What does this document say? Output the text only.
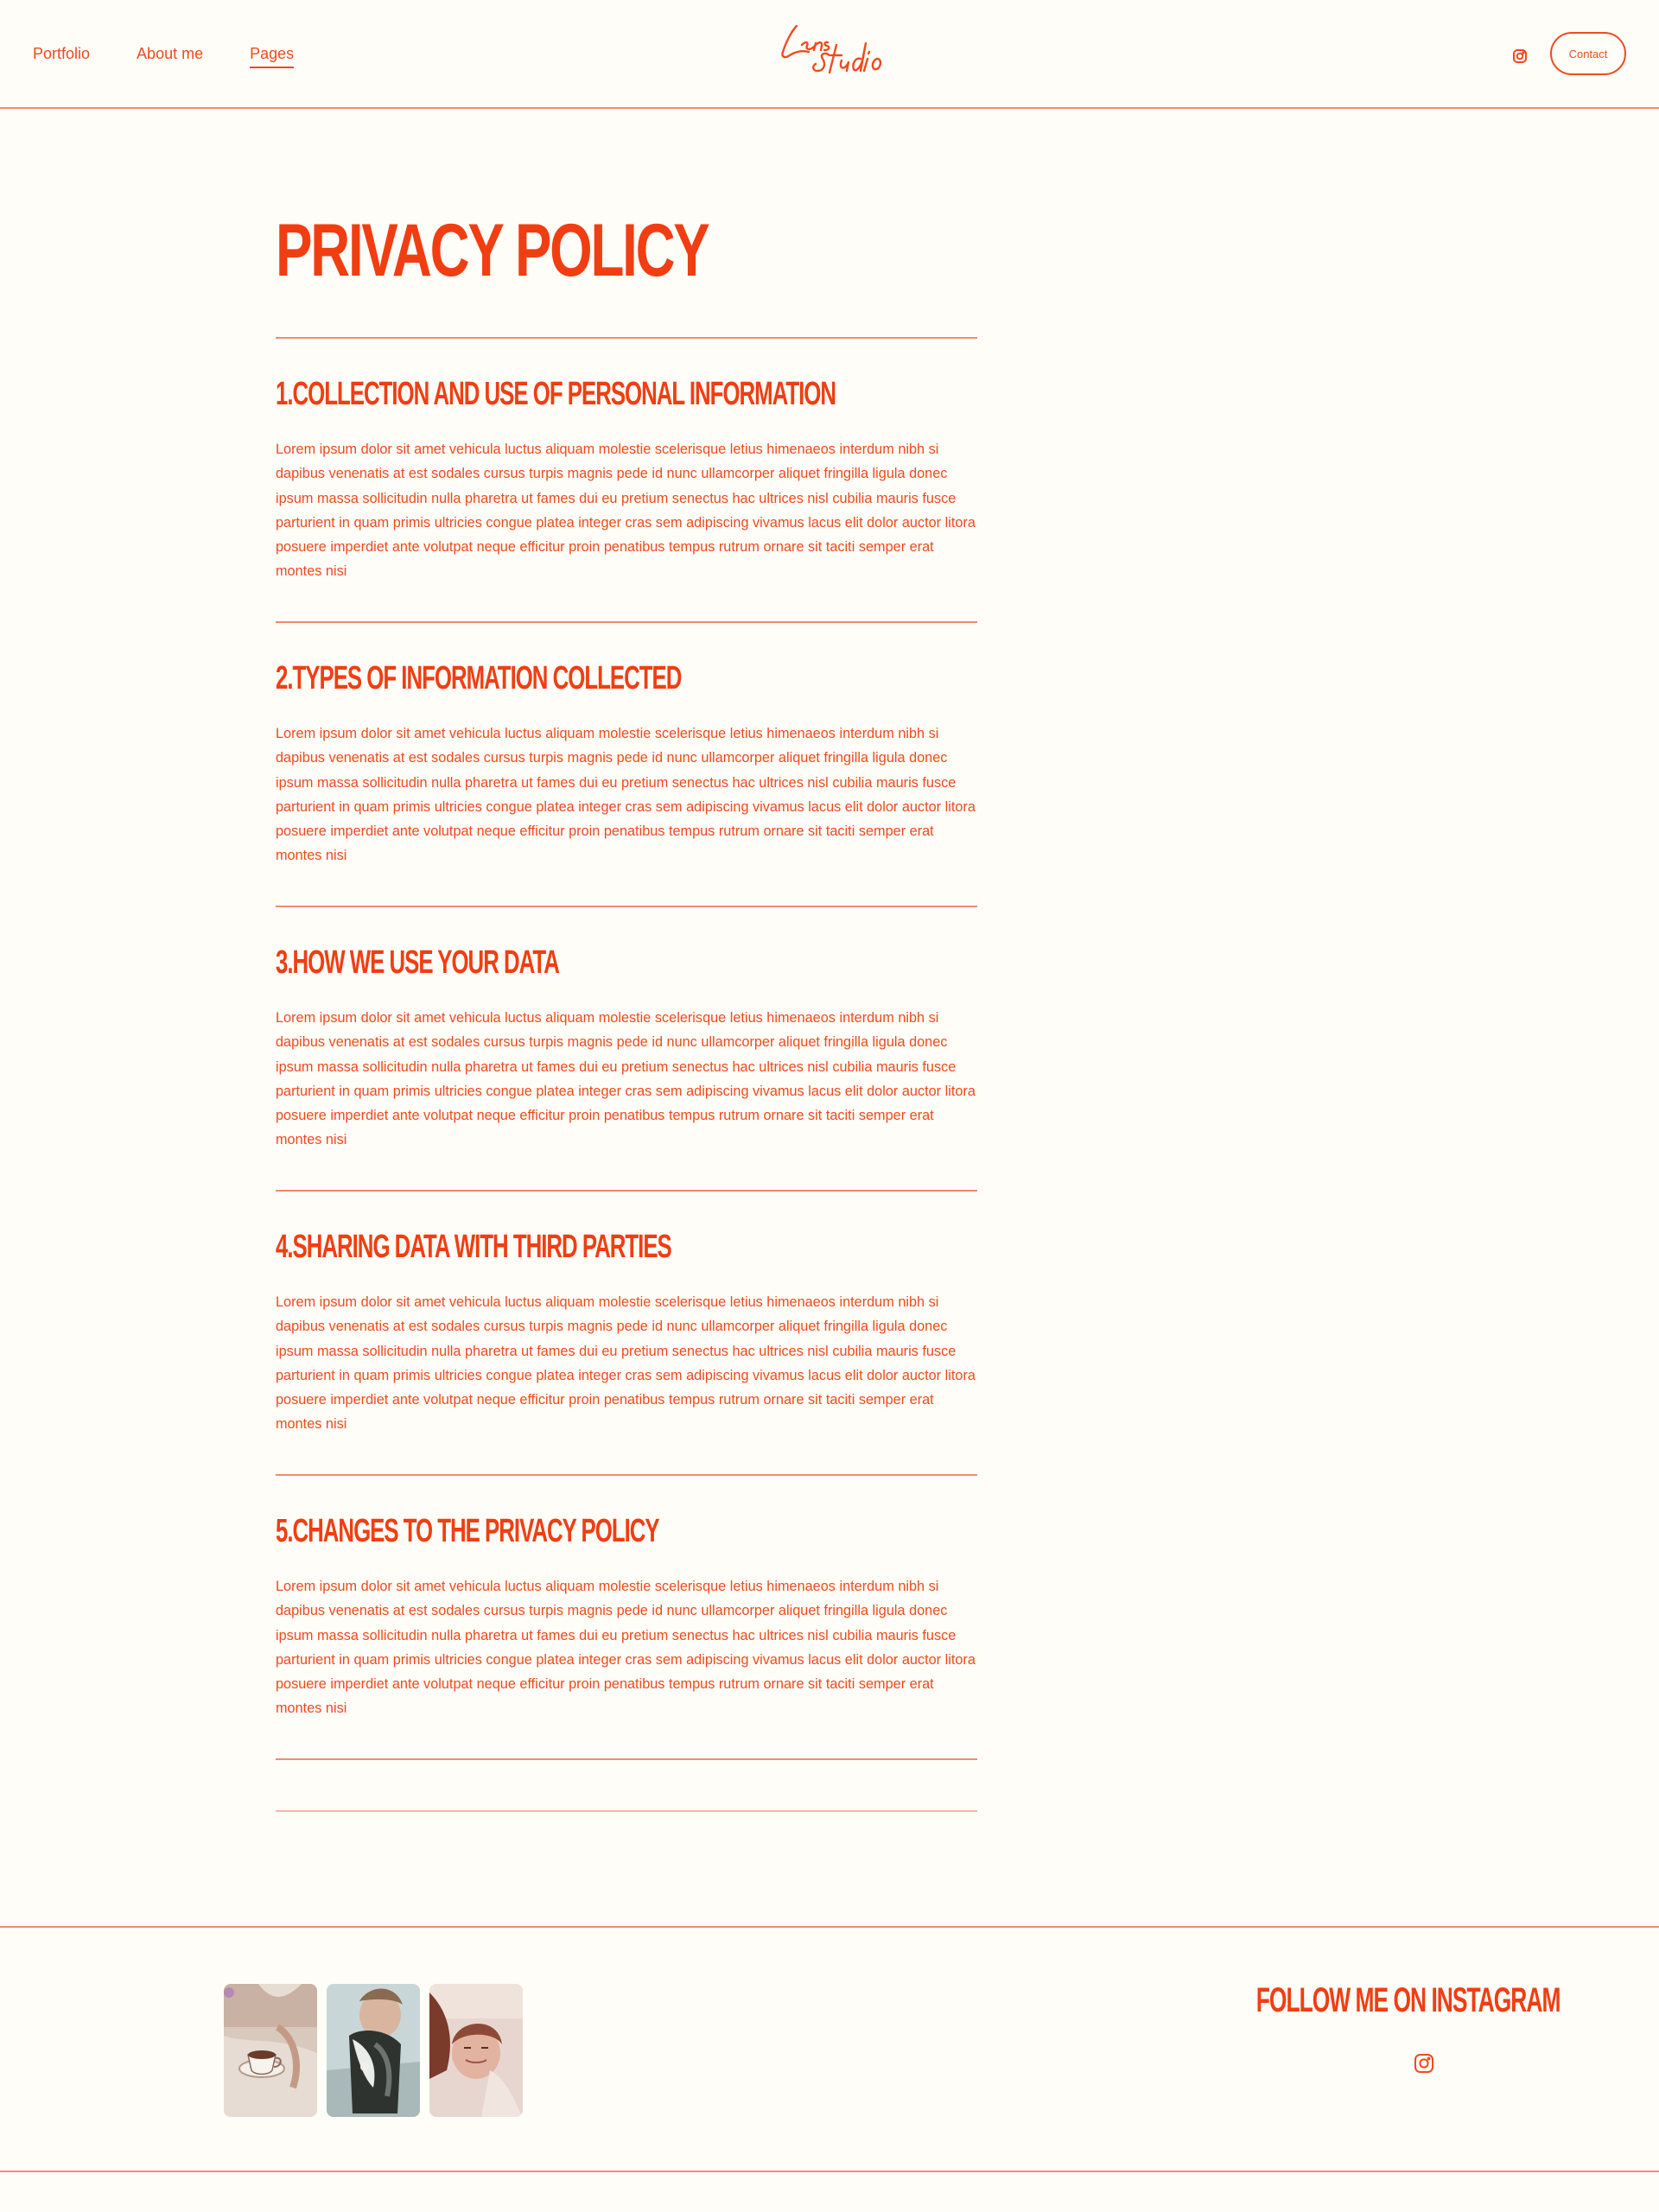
Portfolio	About me	Pages	Contact
PRIVACY POLICY
1.COLLECTION AND USE OF PERSONAL INFORMATION

Lorem ipsum dolor sit amet vehicula luctus aliquam molestie scelerisque letius himenaeos interdum nibh si dapibus venenatis at est sodales cursus turpis magnis pede id nunc ullamcorper aliquet fringilla ligula donec ipsum massa sollicitudin nulla pharetra ut fames dui eu pretium senectus hac ultrices nisl cubilia mauris fusce parturient in quam primis ultricies congue platea integer cras sem adipiscing vivamus lacus elit dolor auctor litora posuere imperdiet ante volutpat neque efficitur proin penatibus tempus rutrum ornare sit taciti semper erat montes nisi

2.TYPES OF INFORMATION COLLECTED

Lorem ipsum dolor sit amet vehicula luctus aliquam molestie scelerisque letius himenaeos interdum nibh si dapibus venenatis at est sodales cursus turpis magnis pede id nunc ullamcorper aliquet fringilla ligula donec ipsum massa sollicitudin nulla pharetra ut fames dui eu pretium senectus hac ultrices nisl cubilia mauris fusce parturient in quam primis ultricies congue platea integer cras sem adipiscing vivamus lacus elit dolor auctor litora posuere imperdiet ante volutpat neque efficitur proin penatibus tempus rutrum ornare sit taciti semper erat montes nisi

3.HOW WE USE YOUR DATA

Lorem ipsum dolor sit amet vehicula luctus aliquam molestie scelerisque letius himenaeos interdum nibh si dapibus venenatis at est sodales cursus turpis magnis pede id nunc ullamcorper aliquet fringilla ligula donec ipsum massa sollicitudin nulla pharetra ut fames dui eu pretium senectus hac ultrices nisl cubilia mauris fusce parturient in quam primis ultricies congue platea integer cras sem adipiscing vivamus lacus elit dolor auctor litora posuere imperdiet ante volutpat neque efficitur proin penatibus tempus rutrum ornare sit taciti semper erat montes nisi

4.SHARING DATA WITH THIRD PARTIES

Lorem ipsum dolor sit amet vehicula luctus aliquam molestie scelerisque letius himenaeos interdum nibh si dapibus venenatis at est sodales cursus turpis magnis pede id nunc ullamcorper aliquet fringilla ligula donec ipsum massa sollicitudin nulla pharetra ut fames dui eu pretium senectus hac ultrices nisl cubilia mauris fusce parturient in quam primis ultricies congue platea integer cras sem adipiscing vivamus lacus elit dolor auctor litora posuere imperdiet ante volutpat neque efficitur proin penatibus tempus rutrum ornare sit taciti semper erat montes nisi

5.CHANGES TO THE PRIVACY POLICY

Lorem ipsum dolor sit amet vehicula luctus aliquam molestie scelerisque letius himenaeos interdum nibh si dapibus venenatis at est sodales cursus turpis magnis pede id nunc ullamcorper aliquet fringilla ligula donec ipsum massa sollicitudin nulla pharetra ut fames dui eu pretium senectus hac ultrices nisl cubilia mauris fusce parturient in quam primis ultricies congue platea integer cras sem adipiscing vivamus lacus elit dolor auctor litora posuere imperdiet ante volutpat neque efficitur proin penatibus tempus rutrum ornare sit taciti semper erat montes nisi

FOLLOW ME ON INSTAGRAM
